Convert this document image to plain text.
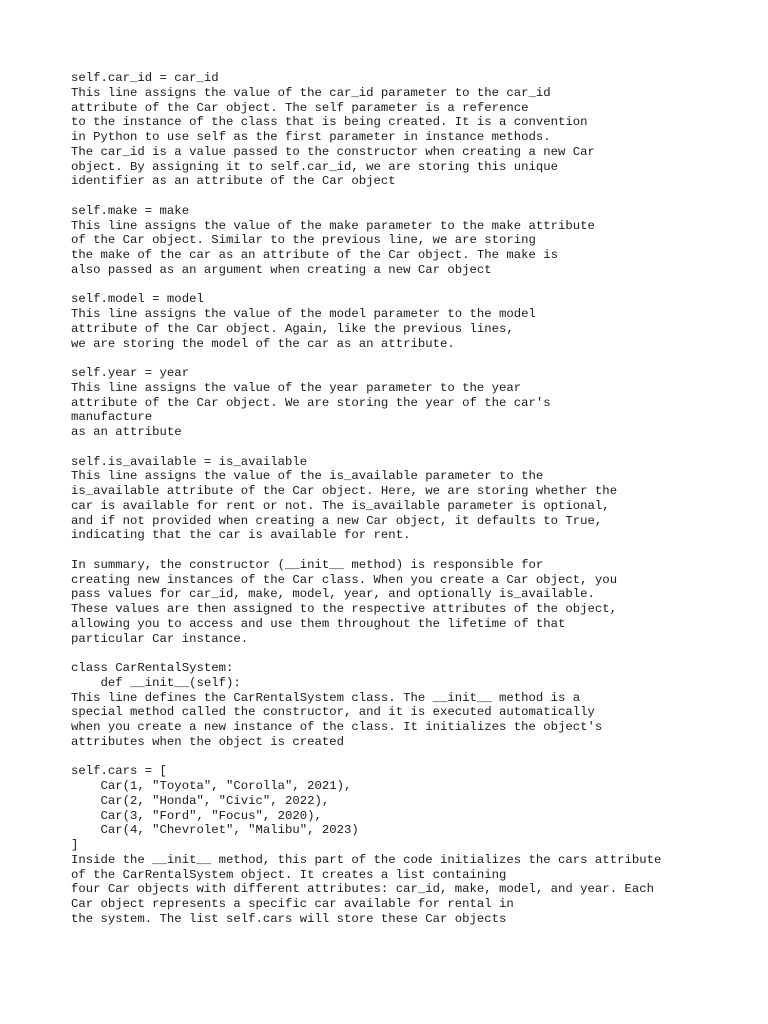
self.car_id = car_id
This line assigns the value of the car_id parameter to the car_id
attribute of the Car object. The self parameter is a reference
to the instance of the class that is being created. It is a convention
in Python to use self as the first parameter in instance methods.
The car_id is a value passed to the constructor when creating a new Car
object. By assigning it to self.car_id, we are storing this unique
identifier as an attribute of the Car object
self.make = make
This line assigns the value of the make parameter to the make attribute
of the Car object. Similar to the previous line, we are storing
the make of the car as an attribute of the Car object. The make is
also passed as an argument when creating a new Car object
self.model = model
This line assigns the value of the model parameter to the model
attribute of the Car object. Again, like the previous lines,
we are storing the model of the car as an attribute.
self.year = year
This line assigns the value of the year parameter to the year
attribute of the Car object. We are storing the year of the car's
manufacture
as an attribute
self.is_available = is_available
This line assigns the value of the is_available parameter to the
is_available attribute of the Car object. Here, we are storing whether the
car is available for rent or not. The is_available parameter is optional,
and if not provided when creating a new Car object, it defaults to True,
indicating that the car is available for rent.
In summary, the constructor (__init__ method) is responsible for
creating new instances of the Car class. When you create a Car object, you
pass values for car_id, make, model, year, and optionally is_available.
These values are then assigned to the respective attributes of the object,
allowing you to access and use them throughout the lifetime of that
particular Car instance.
class CarRentalSystem:
def __init__(self):
This line defines the CarRentalSystem class. The __init__ method is a
special method called the constructor, and it is executed automatically
when you create a new instance of the class. It initializes the object's
attributes when the object is created
self.cars = [
Car(1, "Toyota", "Corolla", 2021),
Car(2, "Honda", "Civic", 2022),
Car(3, "Ford", "Focus", 2020),
Car(4, "Chevrolet", "Malibu", 2023)
]
Inside the __init__ method, this part of the code initializes the cars attribute
of the CarRentalSystem object. It creates a list containing
four Car objects with different attributes: car_id, make, model, and year. Each
Car object represents a specific car available for rental in
the system. The list self.cars will store these Car objects
